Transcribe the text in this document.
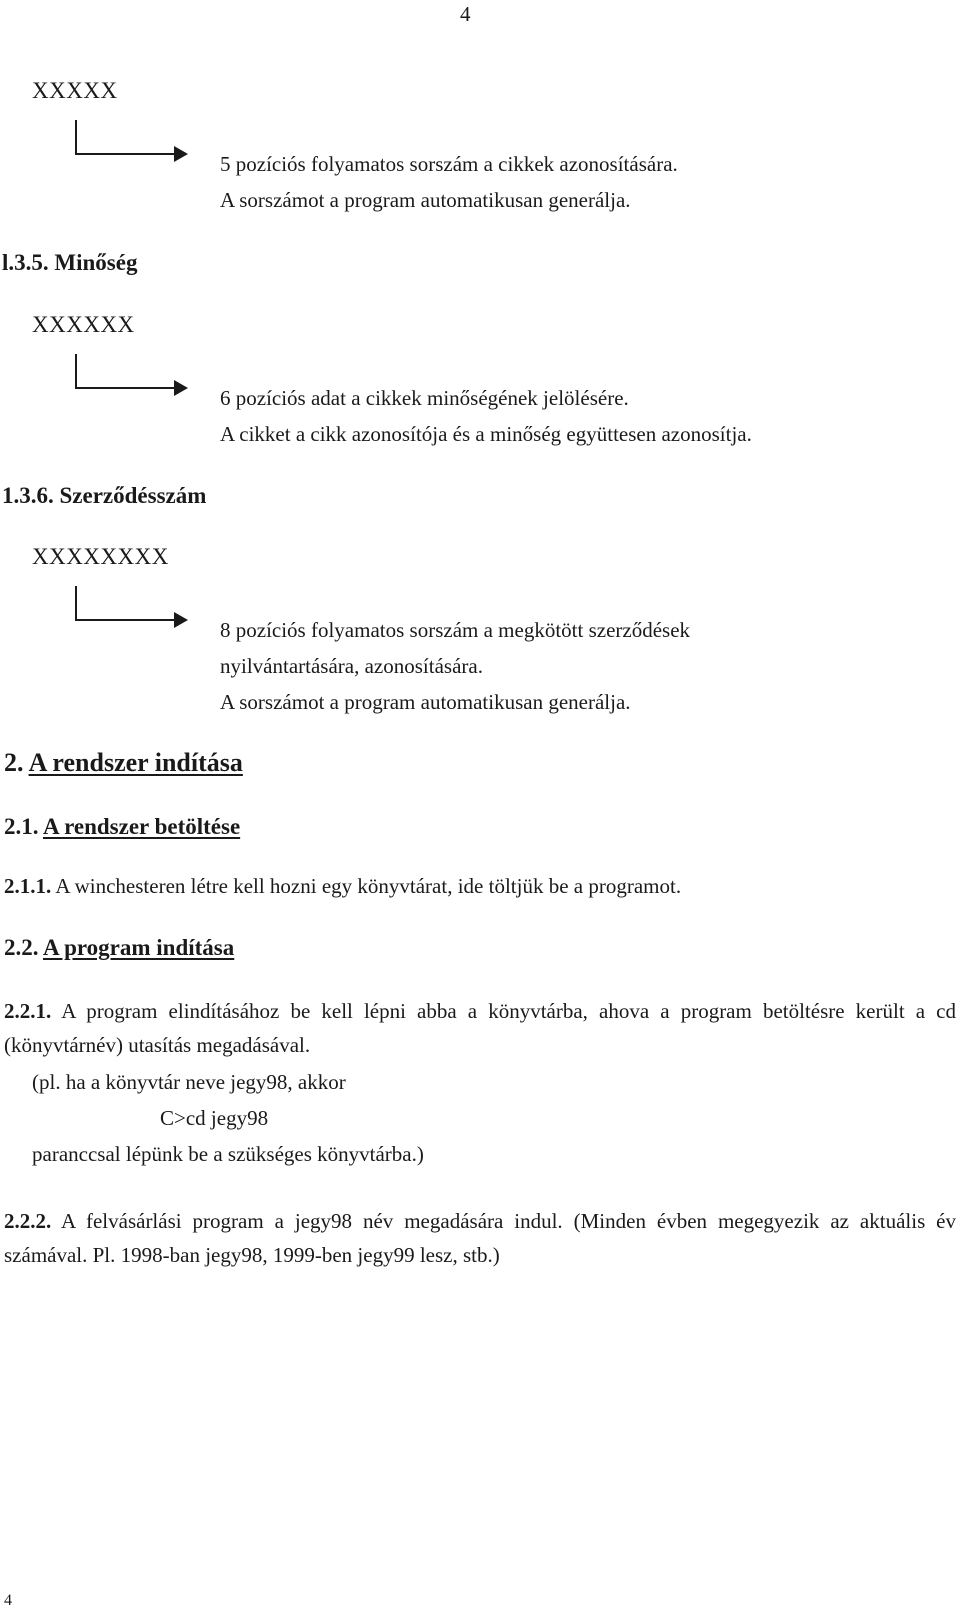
4
XXXXX
5 pozíciós folyamatos sorszám a cikkek azonosítására.
A sorszámot a program automatikusan generálja.
l.3.5. Minőség
XXXXXX
6 pozíciós adat a cikkek minőségének jelölésére.
A cikket a cikk azonosítója és a minőség együttesen azonosítja.
1.3.6. Szerződésszám
XXXXXXXX
8 pozíciós folyamatos sorszám a megkötött szerződések
nyilvántartására, azonosítására.
A sorszámot a program automatikusan generálja.
2. A rendszer indítása
2.1. A rendszer betöltése
2.1.1. A winchesteren létre kell hozni egy könyvtárat, ide töltjük be a programot.
2.2. A program indítása
2.2.1. A program elindításához be kell lépni abba a könyvtárba, ahova a program betöltésre került a cd (könyvtárnév) utasítás megadásával.
(pl. ha a könyvtár neve jegy98, akkor
C>cd jegy98
paranccsal lépünk be a szükséges könyvtárba.)
2.2.2. A felvásárlási program a jegy98 név megadására indul. (Minden évben megegyezik az aktuális év számával. Pl. 1998-ban jegy98, 1999-ben jegy99 lesz, stb.)
4
